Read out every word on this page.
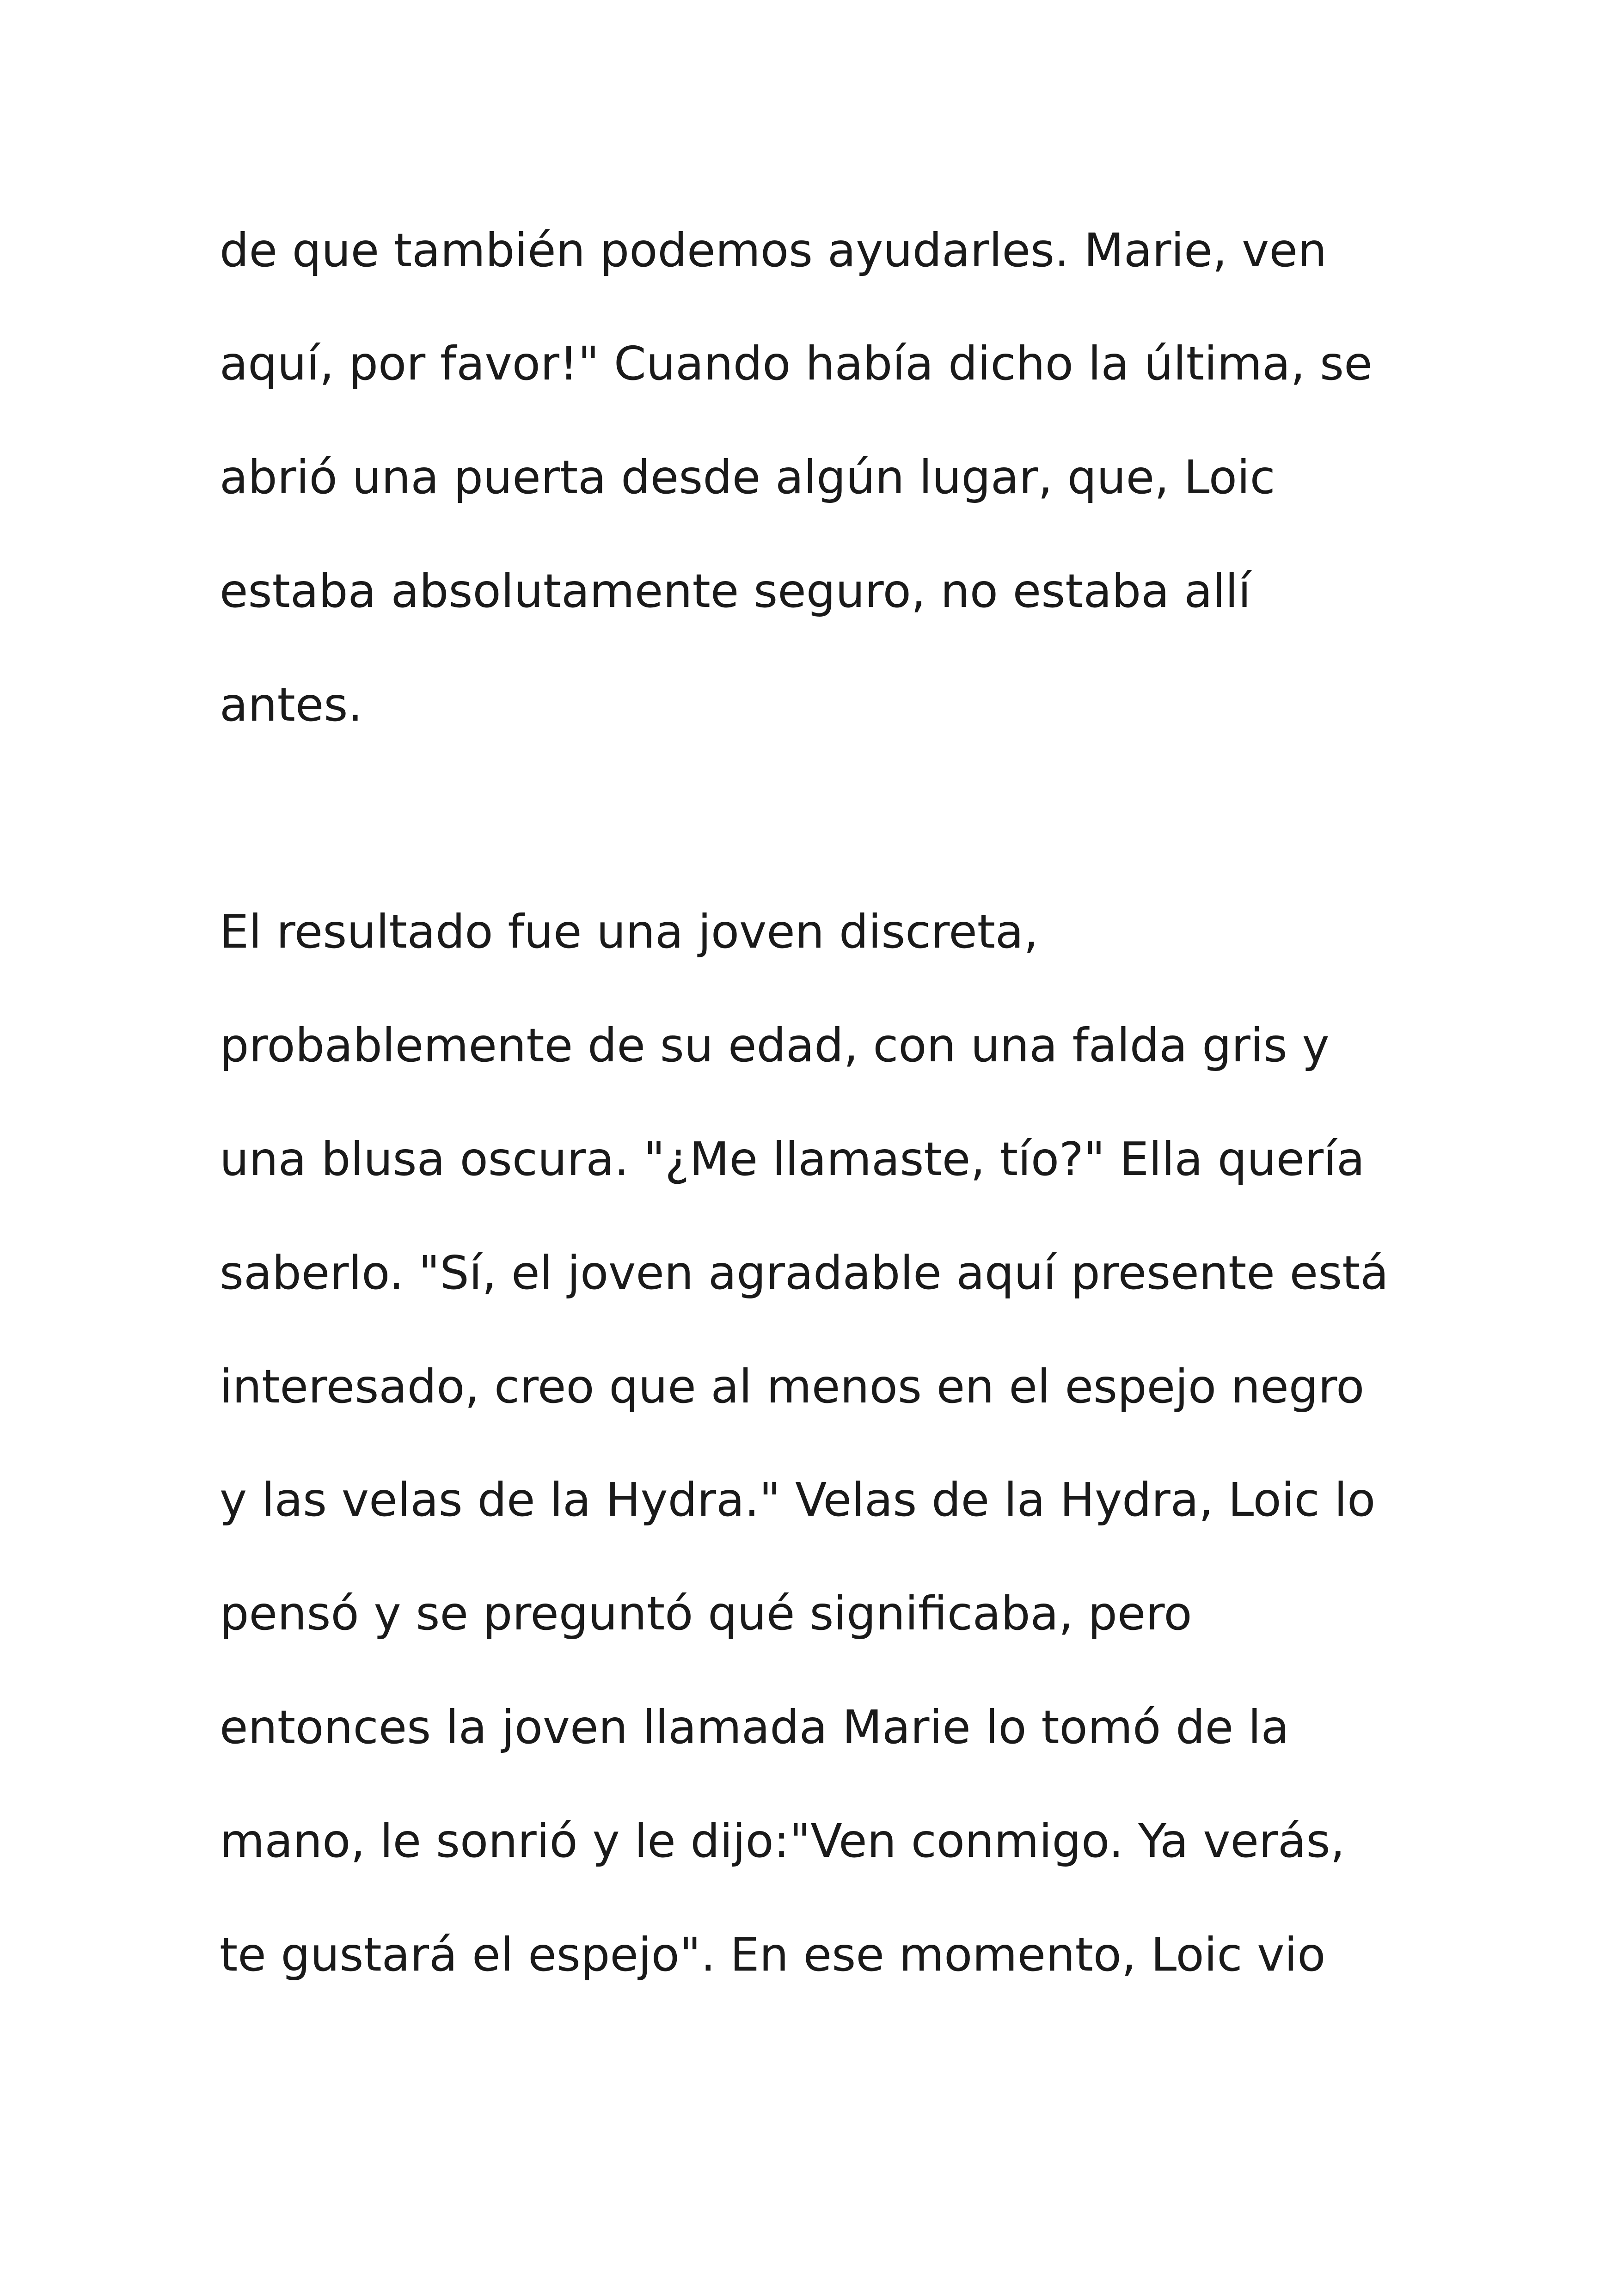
de que también podemos ayudarles. Marie, ven

aquí, por favor!" Cuando había dicho la última, se

abrió una puerta desde algún lugar, que, Loic

estaba absolutamente seguro, no estaba allí

antes.

El resultado fue una joven discreta,

probablemente de su edad, con una falda gris y

una blusa oscura. "¿Me llamaste, tío?" Ella quería

saberlo. "Sí, el joven agradable aquí presente está

interesado, creo que al menos en el espejo negro

y las velas de la Hydra." Velas de la Hydra, Loic lo

pensó y se preguntó qué significaba, pero

entonces la joven llamada Marie lo tomó de la

mano, le sonrió y le dijo:"Ven conmigo. Ya verás,

te gustará el espejo". En ese momento, Loic vio
